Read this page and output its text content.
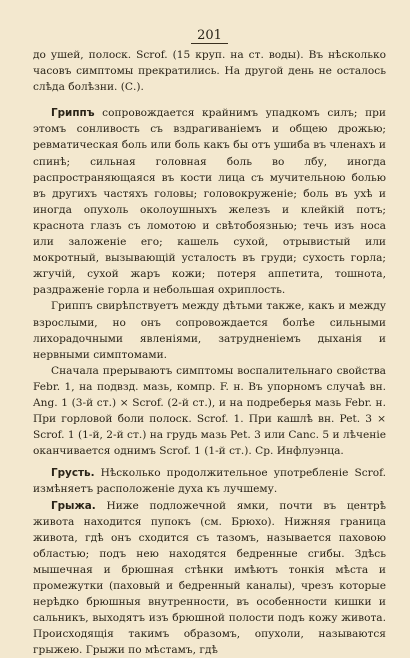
201

до ушей, полоск. Scrof. (15 круп. на ст. воды). Въ нѣсколько часовъ симптомы прекратились. На другой день не осталось слѣда болѣзни. (С.).

Гриппъ сопровождается крайнимъ упадкомъ силъ; при этомъ сонливость съ вздрагиваніемъ и общею дрожью; ревматическая боль или боль какъ бы отъ ушиба въ членахъ и спинѣ; сильная головная боль во лбу, иногда распространяющаяся въ кости лица съ мучительною болью въ другихъ частяхъ головы; головокруженіе; боль въ ухѣ и иногда опухоль околоушныхъ железъ и клейкій потъ; краснота глазъ съ ломотою и свѣтобоязнью; течь изъ носа или заложеніе его; кашель сухой, отрывистый или мокротный, вызывающій усталость въ груди; сухость горла; жгучій, сухой жаръ кожи; потеря аппетита, тошнота, раздраженіе горла и небольшая охриплость.

Гриппъ свирѣпствуетъ между дѣтьми также, какъ и между взрослыми, но онъ сопровождается болѣе сильными лихорадочными явленіями, затрудненіемъ дыханія и нервными симптомами.

Сначала прерываютъ симптомы воспалительнаго свойства Febr. 1, на подвзд. мазь, компр. F. н. Въ упорномъ случаѣ вн. Ang. 1 (3-й ст.) × Scrof. (2-й ст.), и на подреберья мазь Febr. н. При горловой боли полоск. Scrof. 1. При кашлѣ вн. Pet. 3 × Scrof. 1 (1-й, 2-й ст.) на грудь мазь Pet. 3 или Canc. 5 и лѣченіе оканчивается однимъ Scrof. 1 (1-й ст.). Ср. Инфлуэнца.

Грусть. Нѣсколько продолжительное употребленіе Scrof. измѣняетъ расположеніе духа къ лучшему.

Грыжа. Ниже подложечной ямки, почти въ центрѣ живота находится пупокъ (см. Брюхо). Нижняя граница живота, гдѣ онъ сходится съ тазомъ, называется паховою областью; подъ нею находятся бедренные сгибы. Здѣсь мышечная и брюшная стѣнки имѣютъ тонкія мѣста и промежутки (паховый и бедренный каналы), чрезъ которые нерѣдко брюшныя внутренности, въ особенности кишки и сальникъ, выходятъ изъ брюшной полости подъ кожу живота. Происходящія такимъ образомъ, опухоли, называются грыжею. Грыжи по мѣстамъ, гдѣ
